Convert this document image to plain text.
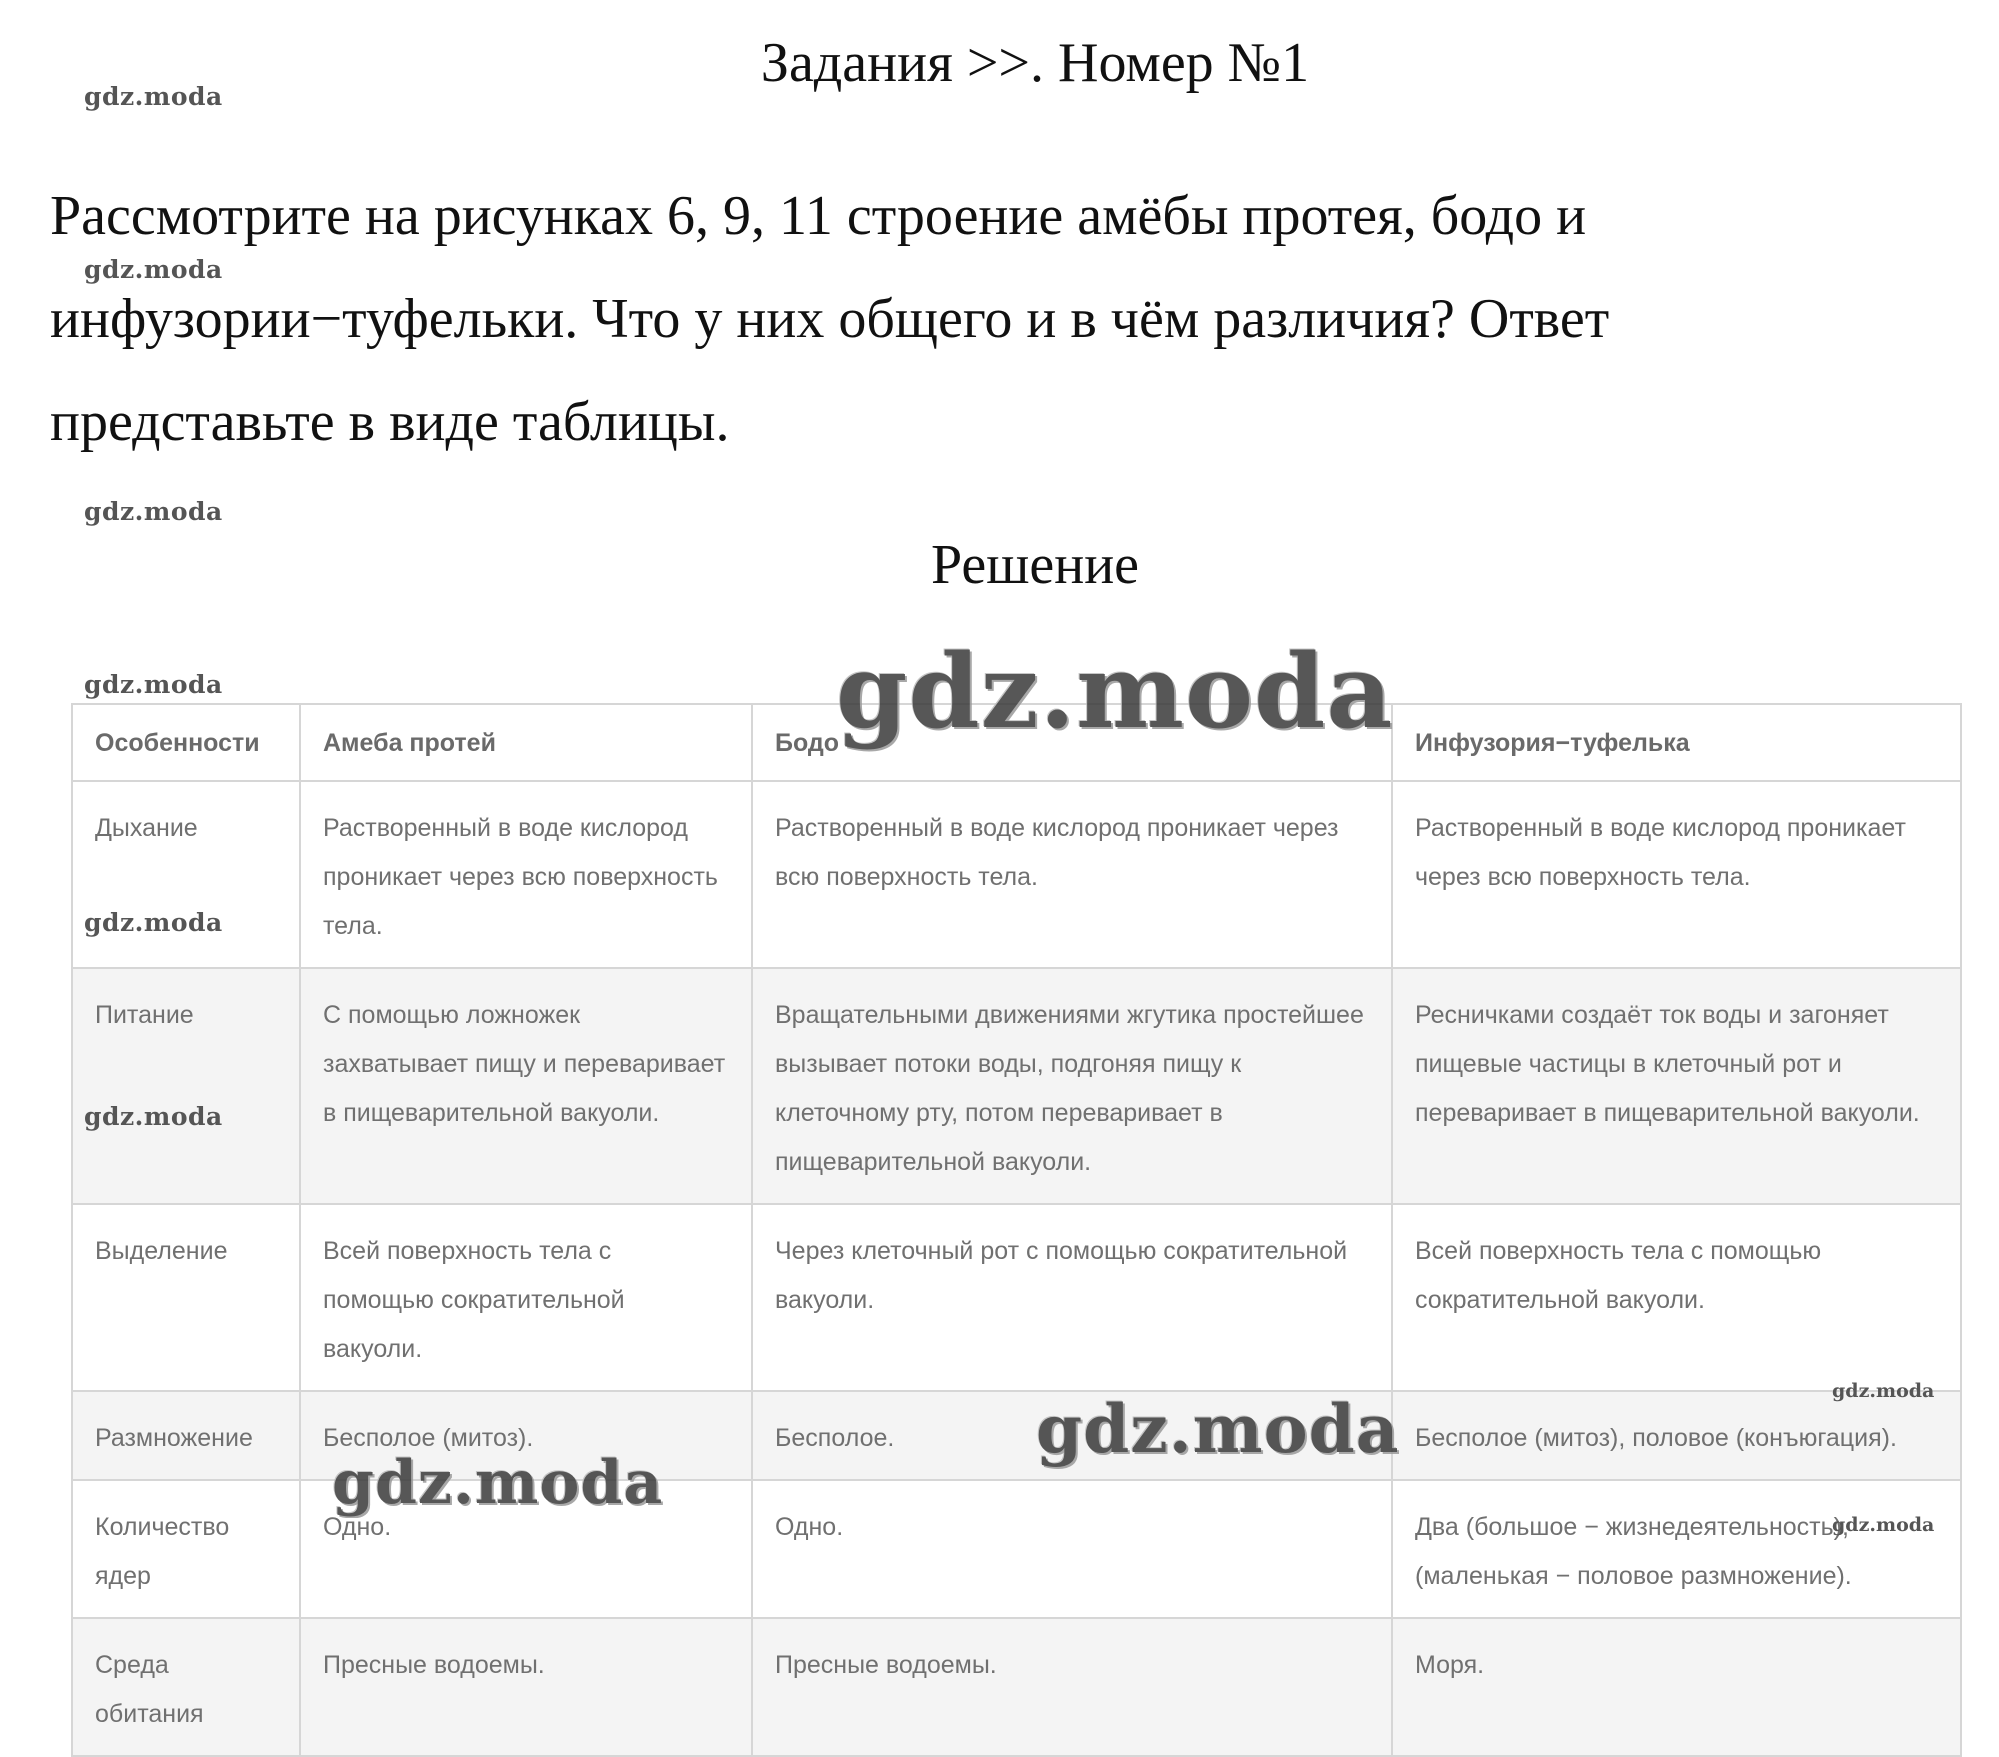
Задания >>. Номер №1

Рассмотрите на рисунках 6, 9, 11 строение амёбы протея, бодо и инфузории−туфельки. Что у них общего и в чём различия? Ответ представьте в виде таблицы.

Решение
Особенности	Амеба протей	Бодо	Инфузория−туфелька
Дыхание	Растворенный в воде кислород проникает через всю поверхность тела.	Растворенный в воде кислород проникает через всю поверхность тела.	Растворенный в воде кислород проникает через всю поверхность тела.
Питание	С помощью ложножек захватывает пищу и переваривает в пищеварительной вакуоли.	Вращательными движениями жгутика простейшее вызывает потоки воды, подгоняя пищу к клеточному рту, потом переваривает в пищеварительной вакуоли.	Ресничками создаёт ток воды и загоняет пищевые частицы в клеточный рот и переваривает в пищеварительной вакуоли.
Выделение	Всей поверхность тела с помощью сократительной вакуоли.	Через клеточный рот с помощью сократительной вакуоли.	Всей поверхность тела с помощью сократительной вакуоли.
Размножение	Бесполое (митоз).	Бесполое.	Бесполое (митоз), половое (конъюгация).
Количество ядер	Одно.	Одно.	Два (большое − жизнедеятельность), (маленькая − половое размножение).
Среда обитания	Пресные водоемы.	Пресные водоемы.	Моря.
gdz.moda
gdz.moda
gdz.moda
gdz.moda
gdz.moda
gdz.moda
gdz.moda
gdz.moda
gdz.moda
gdz.moda
gdz.moda
